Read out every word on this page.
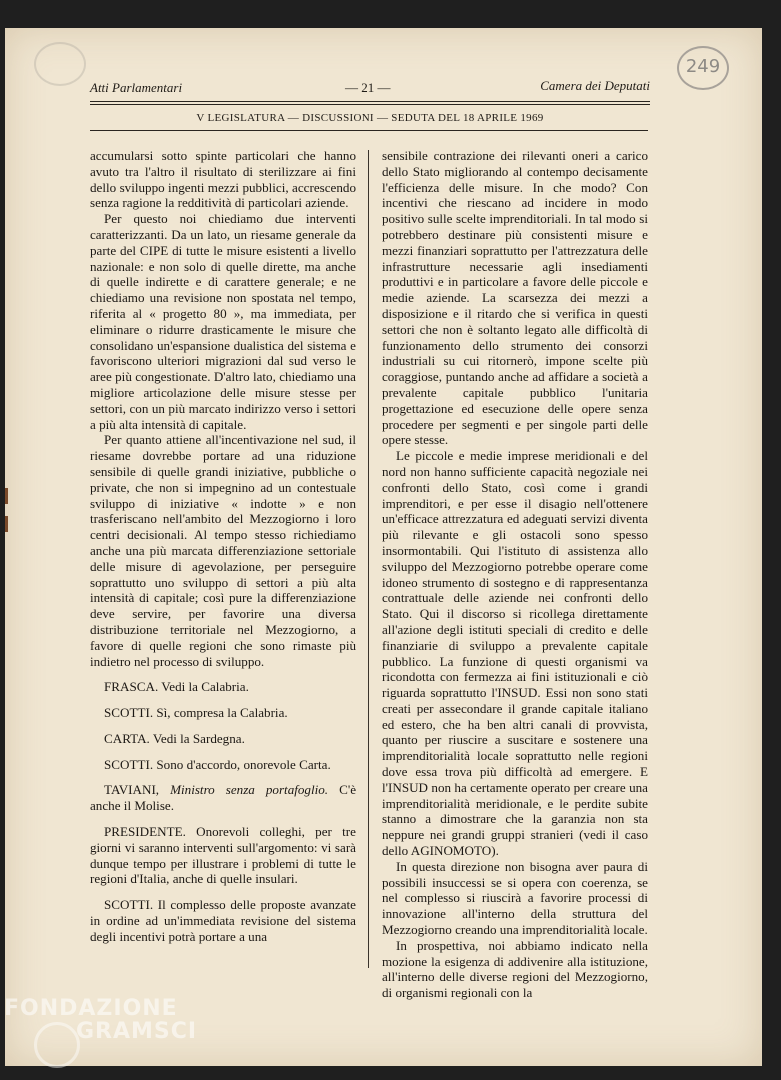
249
Atti Parlamentari	— 21 —	Camera dei Deputati
V LEGISLATURA — DISCUSSIONI — SEDUTA DEL 18 APRILE 1969

accumularsi sotto spinte particolari che hanno avuto tra l'altro il risultato di sterilizzare ai fini dello sviluppo ingenti mezzi pubblici, accrescendo senza ragione la redditività di particolari aziende.

Per questo noi chiediamo due interventi caratterizzanti. Da un lato, un riesame generale da parte del CIPE di tutte le misure esistenti a livello nazionale: e non solo di quelle dirette, ma anche di quelle indirette e di carattere generale; e ne chiediamo una revisione non spostata nel tempo, riferita al « progetto 80 », ma immediata, per eliminare o ridurre drasticamente le misure che consolidano un'espansione dualistica del sistema e favoriscono ulteriori migrazioni dal sud verso le aree più congestionate. D'altro lato, chiediamo una migliore articolazione delle misure stesse per settori, con un più marcato indirizzo verso i settori a più alta intensità di capitale.

Per quanto attiene all'incentivazione nel sud, il riesame dovrebbe portare ad una riduzione sensibile di quelle grandi iniziative, pubbliche o private, che non si impegnino ad un contestuale sviluppo di iniziative « indotte » e non trasferiscano nell'ambito del Mezzogiorno i loro centri decisionali. Al tempo stesso richiediamo anche una più marcata differenziazione settoriale delle misure di agevolazione, per perseguire soprattutto uno sviluppo di settori a più alta intensità di capitale; così pure la differenziazione deve servire, per favorire una diversa distribuzione territoriale nel Mezzogiorno, a favore di quelle regioni che sono rimaste più indietro nel processo di sviluppo.

FRASCA. Vedi la Calabria.

SCOTTI. Sì, compresa la Calabria.

CARTA. Vedi la Sardegna.

SCOTTI. Sono d'accordo, onorevole Carta.

TAVIANI, Ministro senza portafoglio. C'è anche il Molise.

PRESIDENTE. Onorevoli colleghi, per tre giorni vi saranno interventi sull'argomento: vi sarà dunque tempo per illustrare i problemi di tutte le regioni d'Italia, anche di quelle insulari.

SCOTTI. Il complesso delle proposte avanzate in ordine ad un'immediata revisione del sistema degli incentivi potrà portare a una

sensibile contrazione dei rilevanti oneri a carico dello Stato migliorando al contempo decisamente l'efficienza delle misure. In che modo? Con incentivi che riescano ad incidere in modo positivo sulle scelte imprenditoriali. In tal modo si potrebbero destinare più consistenti misure e mezzi finanziari soprattutto per l'attrezzatura delle infrastrutture necessarie agli insediamenti produttivi e in particolare a favore delle piccole e medie aziende. La scarsezza dei mezzi a disposizione e il ritardo che si verifica in questi settori che non è soltanto legato alle difficoltà di funzionamento dello strumento dei consorzi industriali su cui ritornerò, impone scelte più coraggiose, puntando anche ad affidare a società a prevalente capitale pubblico l'unitaria progettazione ed esecuzione delle opere senza procedere per segmenti e per singole parti delle opere stesse.

Le piccole e medie imprese meridionali e del nord non hanno sufficiente capacità negoziale nei confronti dello Stato, così come i grandi imprenditori, e per esse il disagio nell'ottenere un'efficace attrezzatura ed adeguati servizi diventa più rilevante e gli ostacoli sono spesso insormontabili. Qui l'istituto di assistenza allo sviluppo del Mezzogiorno potrebbe operare come idoneo strumento di sostegno e di rappresentanza contrattuale delle aziende nei confronti dello Stato. Qui il discorso si ricollega direttamente all'azione degli istituti speciali di credito e delle finanziarie di sviluppo a prevalente capitale pubblico. La funzione di questi organismi va ricondotta con fermezza ai fini istituzionali e ciò riguarda soprattutto l'INSUD. Essi non sono stati creati per assecondare il grande capitale italiano ed estero, che ha ben altri canali di provvista, quanto per riuscire a suscitare e sostenere una imprenditorialità locale soprattutto nelle regioni dove essa trova più difficoltà ad emergere. E l'INSUD non ha certamente operato per creare una imprenditorialità meridionale, e le perdite subite stanno a dimostrare che la garanzia non sta neppure nei grandi gruppi stranieri (vedi il caso dello AGINOMOTO).

In questa direzione non bisogna aver paura di possibili insuccessi se si opera con coerenza, se nel complesso si riuscirà a favorire processi di innovazione all'interno della struttura del Mezzogiorno creando una imprenditorialità locale.

In prospettiva, noi abbiamo indicato nella mozione la esigenza di addivenire alla istituzione, all'interno delle diverse regioni del Mezzogiorno, di organismi regionali con la

FONDAZIONE
GRAMSCI
